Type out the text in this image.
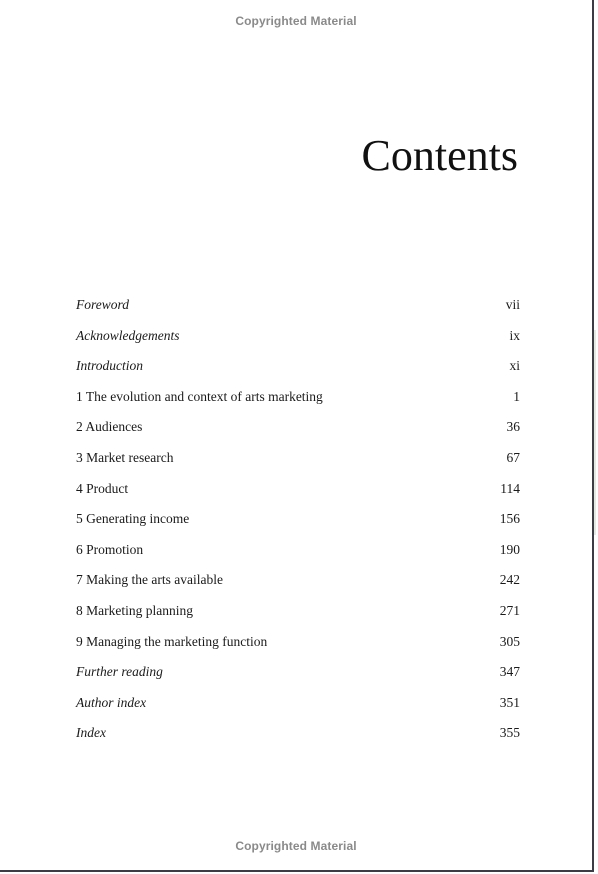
Copyrighted Material
Contents
Foreword	vii
Acknowledgements	ix
Introduction	xi
1 The evolution and context of arts marketing	1
2 Audiences	36
3 Market research	67
4 Product	114
5 Generating income	156
6 Promotion	190
7 Making the arts available	242
8 Marketing planning	271
9 Managing the marketing function	305
Further reading	347
Author index	351
Index	355
Copyrighted Material
